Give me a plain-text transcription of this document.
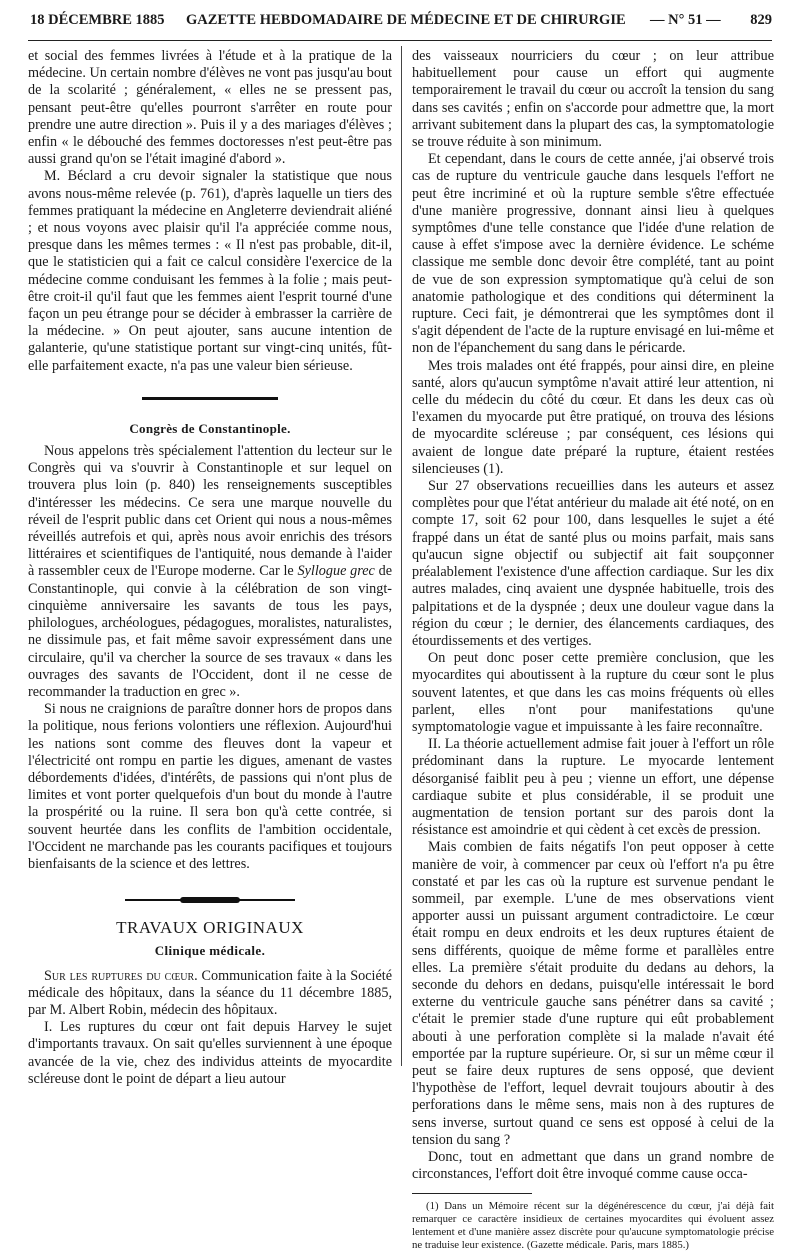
18 DÉCEMBRE 1885 GAZETTE HEBDOMADAIRE DE MÉDECINE ET DE CHIRURGIE — N° 51 — 829

et social des femmes livrées à l'étude et à la pratique de la médecine. Un certain nombre d'élèves ne vont pas jusqu'au bout de la scolarité ; généralement, « elles ne se pressent pas, pensant peut-être qu'elles pourront s'arrêter en route pour prendre une autre direction ». Puis il y a des mariages d'élèves ; enfin « le débouché des femmes doctoresses n'est peut-être pas aussi grand qu'on se l'était imaginé d'abord ».

M. Béclard a cru devoir signaler la statistique que nous avons nous-même relevée (p. 761), d'après laquelle un tiers des femmes pratiquant la médecine en Angleterre deviendrait aliéné ; et nous voyons avec plaisir qu'il l'a appréciée comme nous, presque dans les mêmes termes : « Il n'est pas probable, dit-il, que le statisticien qui a fait ce calcul considère l'exercice de la médecine comme conduisant les femmes à la folie ; mais peut-être croit-il qu'il faut que les femmes aient l'esprit tourné d'une façon un peu étrange pour se décider à embrasser la carrière de la médecine. » On peut ajouter, sans aucune intention de galanterie, qu'une statistique portant sur vingt-cinq unités, fût-elle parfaitement exacte, n'a pas une valeur bien sérieuse.

Congrès de Constantinople.

Nous appelons très spécialement l'attention du lecteur sur le Congrès qui va s'ouvrir à Constantinople et sur lequel on trouvera plus loin (p. 840) les renseignements susceptibles d'intéresser les médecins. Ce sera une marque nouvelle du réveil de l'esprit public dans cet Orient qui nous a nous-mêmes réveillés autrefois et qui, après nous avoir enrichis des trésors littéraires et scientifiques de l'antiquité, nous demande à l'aider à rassembler ceux de l'Europe moderne. Car le Syllogue grec de Constantinople, qui convie à la célébration de son vingt-cinquième anniversaire les savants de tous les pays, philologues, archéologues, pédagogues, moralistes, naturalistes, ne dissimule pas, et fait même savoir expressément dans une circulaire, qu'il va chercher la source de ses travaux « dans les ouvrages des savants de l'Occident, dont il ne cesse de recommander la traduction en grec ».

Si nous ne craignions de paraître donner hors de propos dans la politique, nous ferions volontiers une réflexion. Aujourd'hui les nations sont comme des fleuves dont la vapeur et l'électricité ont rompu en partie les digues, amenant de vastes débordements d'idées, d'intérêts, de passions qui n'ont plus de limites et vont porter quelquefois d'un bout du monde à l'autre la prospérité ou la ruine. Il sera bon qu'à cette contrée, si souvent heurtée dans les conflits de l'ambition occidentale, l'Occident ne marchande pas les courants pacifiques et toujours bienfaisants de la science et des lettres.

TRAVAUX ORIGINAUX
Clinique médicale.

Sur les ruptures du cœur. Communication faite à la Société médicale des hôpitaux, dans la séance du 11 décembre 1885, par M. Albert Robin, médecin des hôpitaux.

I. Les ruptures du cœur ont fait depuis Harvey le sujet d'importants travaux. On sait qu'elles surviennent à une époque avancée de la vie, chez des individus atteints de myocardite scléreuse dont le point de départ a lieu autour

des vaisseaux nourriciers du cœur ; on leur attribue habituellement pour cause un effort qui augmente temporairement le travail du cœur ou accroît la tension du sang dans ses cavités ; enfin on s'accorde pour admettre que, la mort arrivant subitement dans la plupart des cas, la symptomatologie se trouve réduite à son minimum.

Et cependant, dans le cours de cette année, j'ai observé trois cas de rupture du ventricule gauche dans lesquels l'effort ne peut être incriminé et où la rupture semble s'être effectuée d'une manière progressive, donnant ainsi lieu à quelques symptômes d'une telle constance que l'idée d'une relation de cause à effet s'impose avec la dernière évidence. Le schéme classique me semble donc devoir être complété, tant au point de vue de son expression symptomatique qu'à celui de son anatomie pathologique et des conditions qui déterminent la rupture. Ceci fait, je démontrerai que les symptômes dont il s'agit dépendent de l'acte de la rupture envisagé en lui-même et non de l'épanchement du sang dans le péricarde.

Mes trois malades ont été frappés, pour ainsi dire, en pleine santé, alors qu'aucun symptôme n'avait attiré leur attention, ni celle du médecin du côté du cœur. Et dans les deux cas où l'examen du myocarde put être pratiqué, on trouva des lésions de myocardite scléreuse ; par conséquent, ces lésions qui avaient de longue date préparé la rupture, étaient restées silencieuses (1).

Sur 27 observations recueillies dans les auteurs et assez complètes pour que l'état antérieur du malade ait été noté, on en compte 17, soit 62 pour 100, dans lesquelles le sujet a été frappé dans un état de santé plus ou moins parfait, mais sans qu'aucun signe objectif ou subjectif ait fait soupçonner préalablement l'existence d'une affection cardiaque. Sur les dix autres malades, cinq avaient une dyspnée habituelle, trois des palpitations et de la dyspnée ; deux une douleur vague dans la région du cœur ; le dernier, des élancements cardiaques, des étourdissements et des vertiges.

On peut donc poser cette première conclusion, que les myocardites qui aboutissent à la rupture du cœur sont le plus souvent latentes, et que dans les cas moins fréquents où elles parlent, elles n'ont pour manifestations qu'une symptomatologie vague et impuissante à les faire reconnaître.

II. La théorie actuellement admise fait jouer à l'effort un rôle prédominant dans la rupture. Le myocarde lentement désorganisé faiblit peu à peu ; vienne un effort, une dépense cardiaque subite et plus considérable, il se produit une augmentation de tension portant sur des parois dont la résistance est amoindrie et qui cèdent à cet excès de pression.

Mais combien de faits négatifs l'on peut opposer à cette manière de voir, à commencer par ceux où l'effort n'a pu être constaté et par les cas où la rupture est survenue pendant le sommeil, par exemple. L'une de mes observations vient apporter aussi un puissant argument contradictoire. Le cœur était rompu en deux endroits et les deux ruptures étaient de sens différents, quoique de même forme et parallèles entre elles. La première s'était produite du dedans au dehors, la seconde du dehors en dedans, puisqu'elle intéressait le bord externe du ventricule gauche sans pénétrer dans sa cavité ; c'était le premier stade d'une rupture qui eût probablement abouti à une perforation complète si la malade n'avait été emportée par la rupture supérieure. Or, si sur un même cœur il peut se faire deux ruptures de sens opposé, que devient l'hypothèse de l'effort, lequel devrait toujours aboutir à des perforations dans le même sens, mais non à des ruptures de sens inverse, surtout quand ce sens est opposé à celui de la tension du sang ?

Donc, tout en admettant que dans un grand nombre de circonstances, l'effort doit être invoqué comme cause occa-

(1) Dans un Mémoire récent sur la dégénérescence du cœur, j'ai déjà fait remarquer ce caractère insidieux de certaines myocardites qui évoluent assez lentement et d'une manière assez discrète pour qu'aucune symptomatologie précise ne traduise leur existence. (Gazette médicale. Paris, mars 1885.)
